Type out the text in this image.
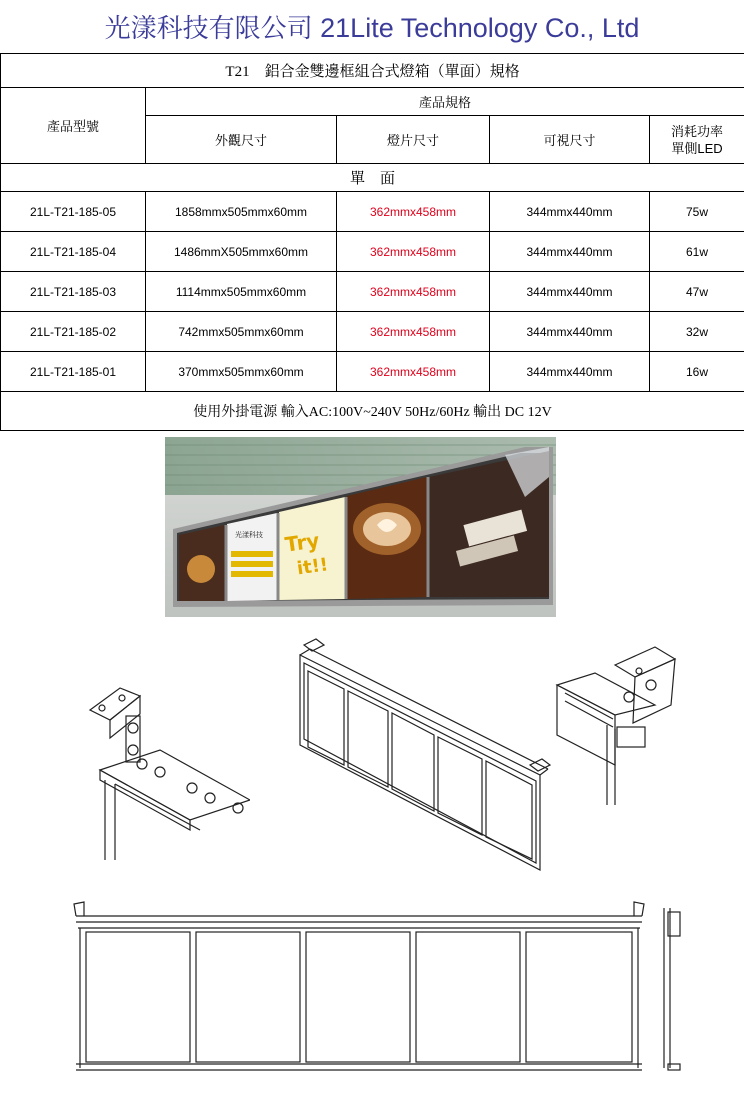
光漾科技有限公司 21Lite Technology Co., Ltd
T21　鋁合金雙邊框組合式燈箱（單面）規格				
產品型號	產品規格			
	外觀尺寸	燈片尺寸	可視尺寸	消耗功率
單側LED

單　面				
21L-T21-185-05	1858mmx505mmx60mm	362mmx458mm	344mmx440mm	75w
21L-T21-185-04	1486mmX505mmx60mm	362mmx458mm	344mmx440mm	61w
21L-T21-185-03	1114mmx505mmx60mm	362mmx458mm	344mmx440mm	47w
21L-T21-185-02	742mmx505mmx60mm	362mmx458mm	344mmx440mm	32w
21L-T21-185-01	370mmx505mmx60mm	362mmx458mm	344mmx440mm	16w
使用外掛電源 輸入AC:100V~240V 50Hz/60Hz 輸出 DC 12V				
光漾科技 Try
it!!
